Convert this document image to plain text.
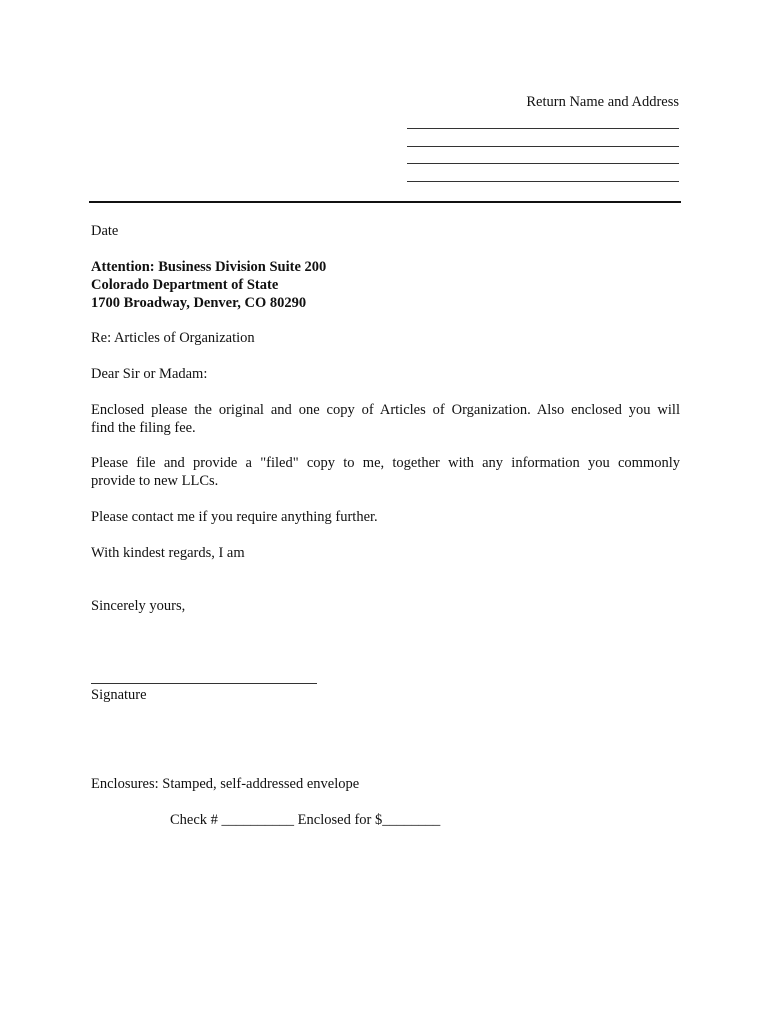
Return Name and Address
Date
Attention: Business Division Suite 200
Colorado Department of State
1700 Broadway, Denver, CO 80290
Re: Articles of Organization
Dear Sir or Madam:
Enclosed please the original and one copy of Articles of Organization. Also enclosed you will
find the filing fee.
Please file and provide a "filed" copy to me, together with any information you commonly
provide to new LLCs.
Please contact me if you require anything further.
With kindest regards, I am
Sincerely yours,
Signature
Enclosures: Stamped, self-addressed envelope
Check # __________ Enclosed for $________
